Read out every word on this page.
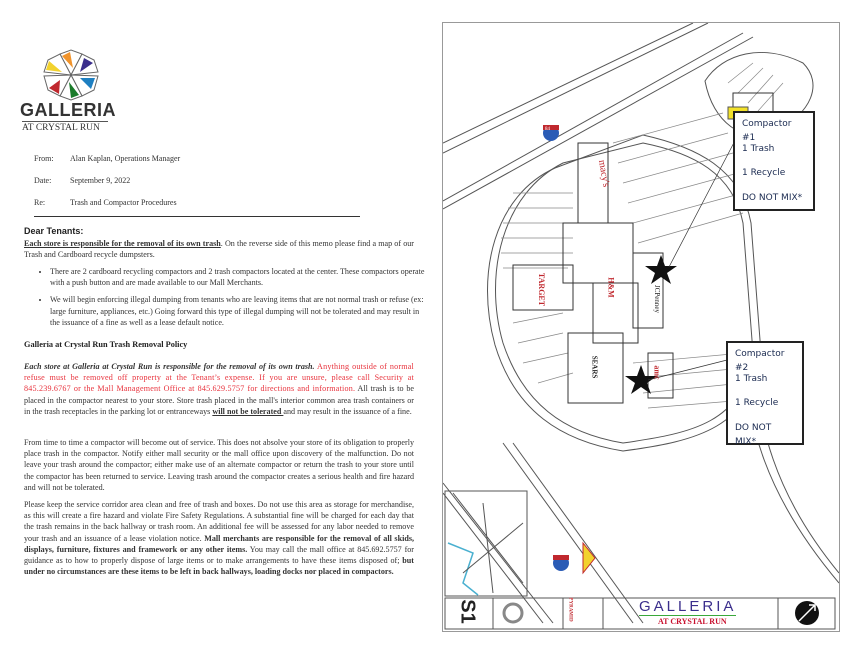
GALLERIA
AT CRYSTAL RUN
From: Alan Kaplan, Operations Manager
Date: September 9, 2022
Re:	Trash and Compactor Procedures
Dear Tenants:
Each store is responsible for the removal of its own trash. On the reverse side of this memo please find a map of our Trash and Cardboard recycle dumpsters.
• There are 2 cardboard recycling compactors and 2 trash compactors located at the center. These compactors operate with a push button and are made available to our Mall Merchants.
• We will begin enforcing illegal dumping from tenants who are leaving items that are not normal trash or refuse (ex: large furniture, appliances, etc.) Going forward this type of illegal dumping will not be tolerated and may result in the issuance of a fine as well as a lease default notice.
Galleria at Crystal Run Trash Removal Policy
Each store at Galleria at Crystal Run is responsible for the removal of its own trash. Anything outside of normal refuse must be removed off property at the Tenant’s expense. If you are unsure, please call Security at 845.239.6767 or the Mall Management Office at 845.629.5757 for directions and information. All trash is to be placed in the compactor nearest to your store. Store trash placed in the mall's interior common area trash containers or in the trash receptacles in the parking lot or entranceways will not be tolerated and may result in the issuance of a fine.
From time to time a compactor will become out of service. This does not absolve your store of its obligation to properly place trash in the compactor. Notify either mall security or the mall office upon discovery of the malfunction. Do not leave your trash around the compactor; either make use of an alternate compactor or return the trash to your store until the compactor has been returned to service. Leaving trash around the compactor creates a serious health and fire hazard and will not be tolerated.
Please keep the service corridor area clean and free of trash and boxes. Do not use this area as storage for merchandise, as this will create a fire hazard and violate Fire Safety Regulations. A substantial fine will be charged for each day that the trash remains in the back hallway or trash room. An additional fee will be assessed for any labor needed to remove your trash and an issuance of a lease violation notice. Mall merchants are responsible for the removal of all skids, displays, furniture, fixtures and framework or any other items. You may call the mall office at 845.692.5757 for guidance as to how to properly dispose of large items or to make arrangements to have these items disposed of; but under no circumstances are these items to be left in back hallways, loading docks nor placed in compactors.
macy's
JCPenney
TARGET	H&M
amc
SEARS
84
Compactor #1
1 Trash
1 Recycle
DO NOT MIX*
Compactor #2
1 Trash
1 Recycle
DO NOT MIX*
S1	PYRAMID	GALLERIA
AT CRYSTAL RUN
